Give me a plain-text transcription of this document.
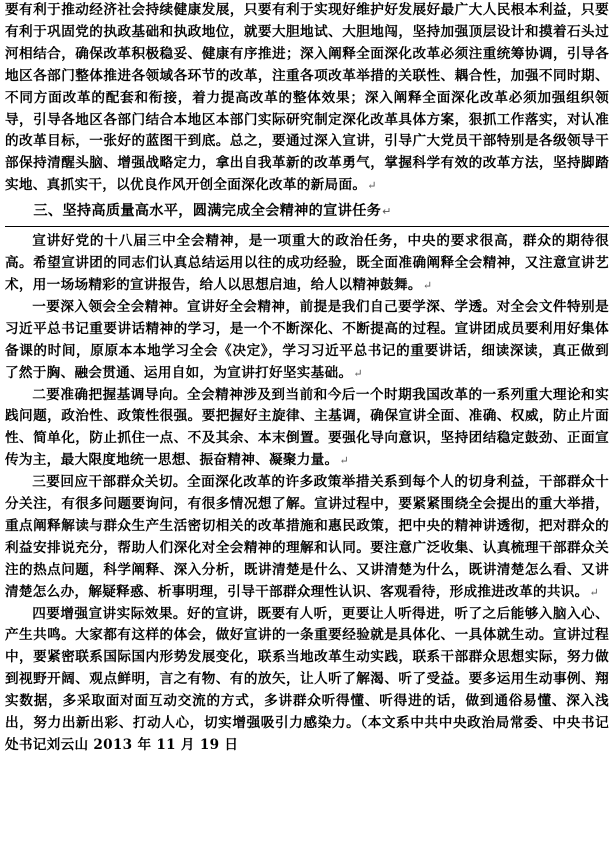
要有利于推动经济社会持续健康发展，只要有利于实现好维护好发展好最广大人民根本利益，只要有利于巩固党的执政基础和执政地位，就要大胆地试、大胆地闯，坚持加强顶层设计和摸着石头过河相结合，确保改革积极稳妥、健康有序推进；深入阐释全面深化改革必须注重统筹协调，引导各地区各部门整体推进各领域各环节的改革，注重各项改革举措的关联性、耦合性，加强不同时期、不同方面改革的配套和衔接，着力提高改革的整体效果；深入阐释全面深化改革必须加强组织领导，引导各地区各部门结合本地区本部门实际研究制定深化改革具体方案，狠抓工作落实，对认准的改革目标，一张好的蓝图干到底。总之，要通过深入宣讲，引导广大党员干部特别是各级领导干部保持清醒头脑、增强战略定力，拿出自我革新的改革勇气，掌握科学有效的改革方法，坚持脚踏实地、真抓实干，以优良作风开创全面深化改革的新局面。↵

三、坚持高质量高水平，圆满完成全会精神的宣讲任务↵

宣讲好党的十八届三中全会精神，是一项重大的政治任务，中央的要求很高，群众的期待很高。希望宣讲团的同志们认真总结运用以往的成功经验，既全面准确阐释全会精神，又注意宣讲艺术，用一场场精彩的宣讲报告，给人以思想启迪，给人以精神鼓舞。↵

一要深入领会全会精神。宣讲好全会精神，前提是我们自己要学深、学透。对全会文件特别是习近平总书记重要讲话精神的学习，是一个不断深化、不断提高的过程。宣讲团成员要利用好集体备课的时间，原原本本地学习全会《决定》，学习习近平总书记的重要讲话，细读深读，真正做到了然于胸、融会贯通、运用自如，为宣讲打好坚实基础。↵

二要准确把握基调导向。全会精神涉及到当前和今后一个时期我国改革的一系列重大理论和实践问题，政治性、政策性很强。要把握好主旋律、主基调，确保宣讲全面、准确、权威，防止片面性、简单化，防止抓住一点、不及其余、本末倒置。要强化导向意识，坚持团结稳定鼓劲、正面宣传为主，最大限度地统一思想、振奋精神、凝聚力量。↵

三要回应干部群众关切。全面深化改革的许多政策举措关系到每个人的切身利益，干部群众十分关注，有很多问题要询问，有很多情况想了解。宣讲过程中，要紧紧围绕全会提出的重大举措，重点阐释解读与群众生产生活密切相关的改革措施和惠民政策，把中央的精神讲透彻，把对群众的利益安排说充分，帮助人们深化对全会精神的理解和认同。要注意广泛收集、认真梳理干部群众关注的热点问题，科学阐释、深入分析，既讲清楚是什么、又讲清楚为什么，既讲清楚怎么看、又讲清楚怎么办，解疑释惑、析事明理，引导干部群众理性认识、客观看待，形成推进改革的共识。↵

四要增强宣讲实际效果。好的宣讲，既要有人听，更要让人听得进，听了之后能够入脑入心、产生共鸣。大家都有这样的体会，做好宣讲的一条重要经验就是具体化、一具体就生动。宣讲过程中，要紧密联系国际国内形势发展变化，联系当地改革生动实践，联系干部群众思想实际，努力做到视野开阔、观点鲜明，言之有物、有的放矢，让人听了解渴、听了受益。要多运用生动事例、翔实数据，多采取面对面互动交流的方式，多讲群众听得懂、听得进的话，做到通俗易懂、深入浅出，努力出新出彩、打动人心，切实增强吸引力感染力。（本文系中共中央政治局常委、中央书记处书记刘云山 2013 年 11 月 19 日
